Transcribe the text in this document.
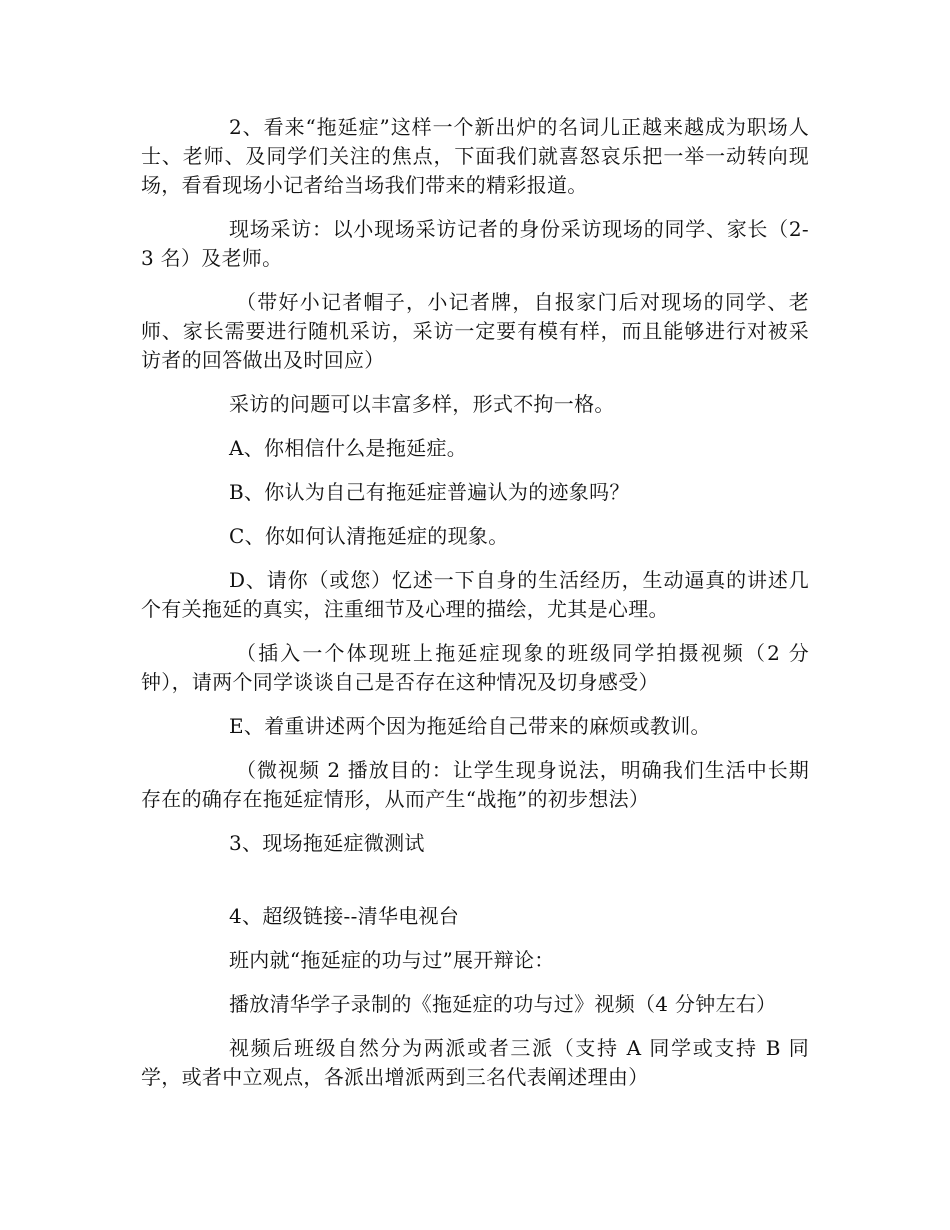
2、看来“拖延症”这样一个新出炉的名词儿正越来越成为职场人士、老师、及同学们关注的焦点，下面我们就喜怒哀乐把一举一动转向现场，看看现场小记者给当场我们带来的精彩报道。

现场采访：以小现场采访记者的身份采访现场的同学、家长（2-3 名）及老师。

（带好小记者帽子，小记者牌，自报家门后对现场的同学、老师、家长需要进行随机采访，采访一定要有模有样，而且能够进行对被采访者的回答做出及时回应）

采访的问题可以丰富多样，形式不拘一格。

A、你相信什么是拖延症。

B、你认为自己有拖延症普遍认为的迹象吗？

C、你如何认清拖延症的现象。

D、请你（或您）忆述一下自身的生活经历，生动逼真的讲述几个有关拖延的真实，注重细节及心理的描绘，尤其是心理。

（插入一个体现班上拖延症现象的班级同学拍摄视频（2 分钟），请两个同学谈谈自己是否存在这种情况及切身感受）

E、着重讲述两个因为拖延给自己带来的麻烦或教训。

（微视频 2 播放目的：让学生现身说法，明确我们生活中长期存在的确存在拖延症情形，从而产生“战拖”的初步想法）

3、现场拖延症微测试

4、超级链接--清华电视台

班内就“拖延症的功与过”展开辩论：

播放清华学子录制的《拖延症的功与过》视频（4 分钟左右）

视频后班级自然分为两派或者三派（支持 A 同学或支持 B 同学，或者中立观点，各派出增派两到三名代表阐述理由）
